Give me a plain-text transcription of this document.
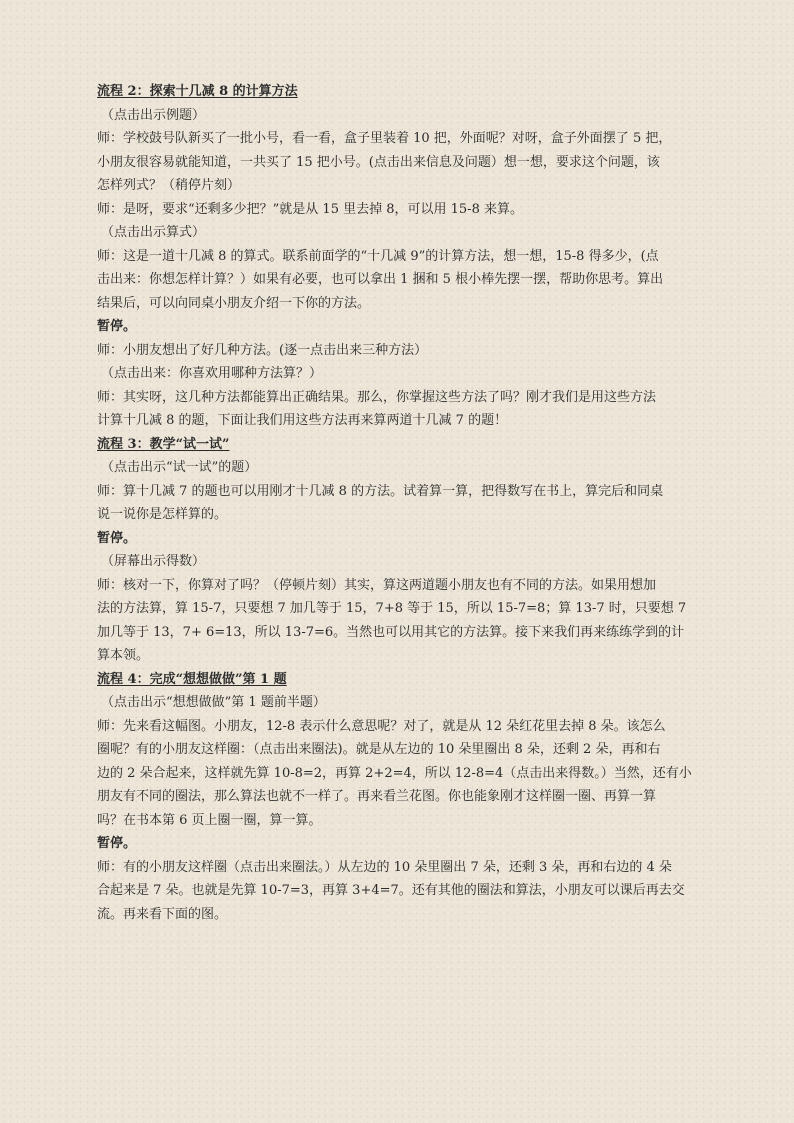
流程 2：探索十几减 8 的计算方法
（点击出示例题）
师：学校鼓号队新买了一批小号，看一看，盒子里装着 10 把，外面呢？对呀，盒子外面摆了 5 把，
小朋友很容易就能知道，一共买了 15 把小号。(点击出来信息及问题）想一想，要求这个问题，该
怎样列式？（稍停片刻）
师：是呀，要求“还剩多少把？”就是从 15 里去掉 8，可以用 15-8 来算。
（点击出示算式）
师：这是一道十几减 8 的算式。联系前面学的“十几减 9”的计算方法，想一想，15-8 得多少，(点
击出来：你想怎样计算？）如果有必要，也可以拿出 1 捆和 5 根小棒先摆一摆，帮助你思考。算出
结果后，可以向同桌小朋友介绍一下你的方法。
暂停。
师：小朋友想出了好几种方法。(逐一点击出来三种方法）
（点击出来：你喜欢用哪种方法算？）
师：其实呀，这几种方法都能算出正确结果。那么，你掌握这些方法了吗？刚才我们是用这些方法
计算十几减 8 的题，下面让我们用这些方法再来算两道十几减 7 的题！
流程 3：教学“试一试”
（点击出示“试一试”的题）
师：算十几减 7 的题也可以用刚才十几减 8 的方法。试着算一算，把得数写在书上，算完后和同桌
说一说你是怎样算的。
暂停。
（屏幕出示得数）
师：核对一下，你算对了吗？（停顿片刻）其实，算这两道题小朋友也有不同的方法。如果用想加
法的方法算，算 15-7，只要想 7 加几等于 15，7+8 等于 15，所以 15-7=8；算 13-7 时，只要想 7
加几等于 13，7+ 6=13，所以 13-7=6。当然也可以用其它的方法算。接下来我们再来练练学到的计
算本领。
流程 4：完成“想想做做”第 1 题
（点击出示“想想做做”第 1 题前半题）
师：先来看这幅图。小朋友，12-8 表示什么意思呢？对了，就是从 12 朵红花里去掉 8 朵。该怎么
圈呢？有的小朋友这样圈：（点击出来圈法)。就是从左边的 10 朵里圈出 8 朵，还剩 2 朵，再和右
边的 2 朵合起来，这样就先算 10-8=2，再算 2+2=4，所以 12-8=4（点击出来得数。）当然，还有小
朋友有不同的圈法，那么算法也就不一样了。再来看兰花图。你也能象刚才这样圈一圈、再算一算
吗？在书本第 6 页上圈一圈，算一算。
暂停。
师：有的小朋友这样圈（点击出来圈法。）从左边的 10 朵里圈出 7 朵，还剩 3 朵，再和右边的 4 朵
合起来是 7 朵。也就是先算 10-7=3，再算 3+4=7。还有其他的圈法和算法，小朋友可以课后再去交
流。再来看下面的图。
